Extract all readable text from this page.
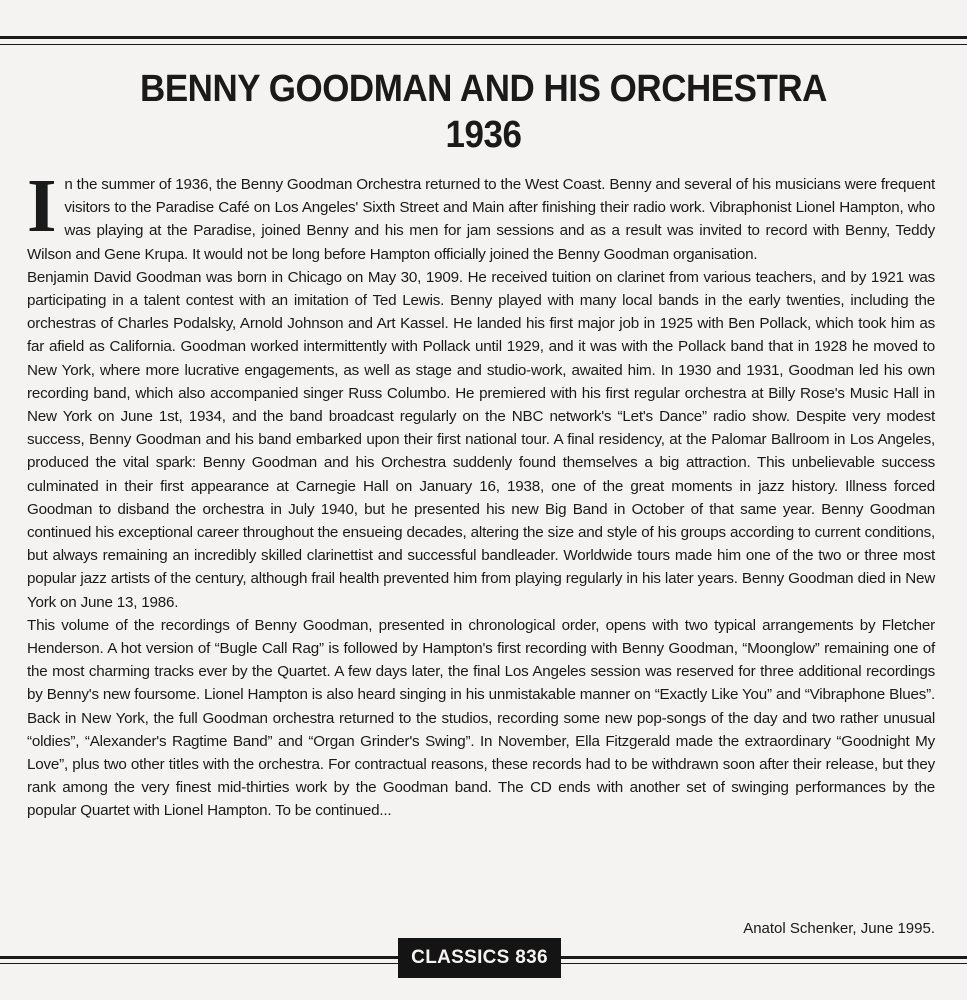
BENNY GOODMAN AND HIS ORCHESTRA
1936

In the summer of 1936, the Benny Goodman Orchestra returned to the West Coast. Benny and several of his musicians were frequent visitors to the Paradise Café on Los Angeles' Sixth Street and Main after finishing their radio work. Vibraphonist Lionel Hampton, who was playing at the Paradise, joined Benny and his men for jam sessions and as a result was invited to record with Benny, Teddy Wilson and Gene Krupa. It would not be long before Hampton officially joined the Benny Goodman organisation.

Benjamin David Goodman was born in Chicago on May 30, 1909. He received tuition on clarinet from various teachers, and by 1921 was participating in a talent contest with an imitation of Ted Lewis. Benny played with many local bands in the early twenties, including the orchestras of Charles Podalsky, Arnold Johnson and Art Kassel. He landed his first major job in 1925 with Ben Pollack, which took him as far afield as California. Goodman worked intermittently with Pollack until 1929, and it was with the Pollack band that in 1928 he moved to New York, where more lucrative engagements, as well as stage and studio-work, awaited him. In 1930 and 1931, Goodman led his own recording band, which also accompanied singer Russ Columbo. He premiered with his first regular orchestra at Billy Rose's Music Hall in New York on June 1st, 1934, and the band broadcast regularly on the NBC network's “Let's Dance” radio show. Despite very modest success, Benny Goodman and his band embarked upon their first national tour. A final residency, at the Palomar Ballroom in Los Angeles, produced the vital spark: Benny Goodman and his Orchestra suddenly found themselves a big attraction. This unbelievable success culminated in their first appearance at Carnegie Hall on January 16, 1938, one of the great moments in jazz history. Illness forced Goodman to disband the orchestra in July 1940, but he presented his new Big Band in October of that same year. Benny Goodman continued his exceptional career throughout the ensueing decades, altering the size and style of his groups according to current conditions, but always remaining an incredibly skilled clarinettist and successful bandleader. Worldwide tours made him one of the two or three most popular jazz artists of the century, although frail health prevented him from playing regularly in his later years. Benny Goodman died in New York on June 13, 1986.

This volume of the recordings of Benny Goodman, presented in chronological order, opens with two typical arrangements by Fletcher Henderson. A hot version of “Bugle Call Rag” is followed by Hampton's first recording with Benny Goodman, “Moonglow” remaining one of the most charming tracks ever by the Quartet. A few days later, the final Los Angeles session was reserved for three additional recordings by Benny's new foursome. Lionel Hampton is also heard singing in his unmistakable manner on “Exactly Like You” and “Vibraphone Blues”. Back in New York, the full Goodman orchestra returned to the studios, recording some new pop-songs of the day and two rather unusual “oldies”, “Alexander's Ragtime Band” and “Organ Grinder's Swing”. In November, Ella Fitzgerald made the extraordinary “Goodnight My Love”, plus two other titles with the orchestra. For contractual reasons, these records had to be withdrawn soon after their release, but they rank among the very finest mid-thirties work by the Goodman band. The CD ends with another set of swinging performances by the popular Quartet with Lionel Hampton. To be continued...

Anatol Schenker, June 1995.
CLASSICS 836
